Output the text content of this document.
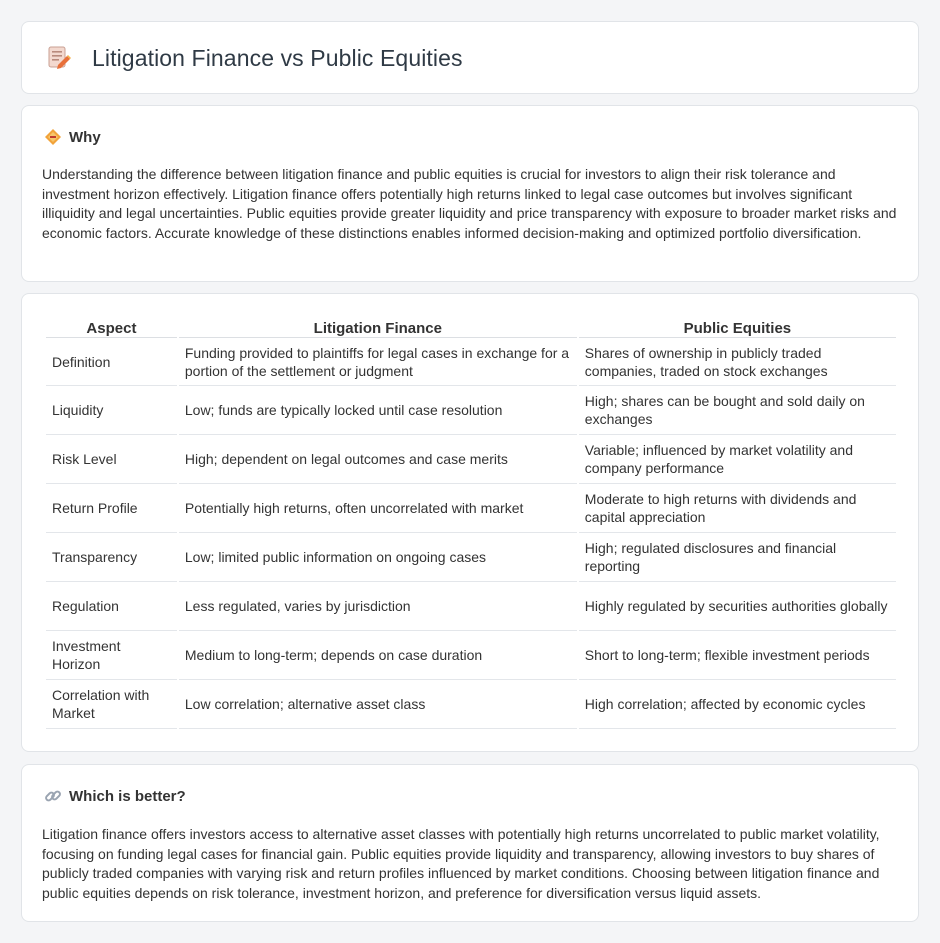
Litigation Finance vs Public Equities
Why

Understanding the difference between litigation finance and public equities is crucial for investors to align their risk tolerance and investment horizon effectively. Litigation finance offers potentially high returns linked to legal case outcomes but involves significant illiquidity and legal uncertainties. Public equities provide greater liquidity and price transparency with exposure to broader market risks and economic factors. Accurate knowledge of these distinctions enables informed decision-making and optimized portfolio diversification.

Aspect	Litigation Finance	Public Equities
Definition	Funding provided to plaintiffs for legal cases in exchange for a portion of the settlement or judgment	Shares of ownership in publicly traded companies, traded on stock exchanges
Liquidity	Low; funds are typically locked until case resolution	High; shares can be bought and sold daily on exchanges
Risk Level	High; dependent on legal outcomes and case merits	Variable; influenced by market volatility and company performance
Return Profile	Potentially high returns, often uncorrelated with market	Moderate to high returns with dividends and capital appreciation
Transparency	Low; limited public information on ongoing cases	High; regulated disclosures and financial reporting
Regulation	Less regulated, varies by jurisdiction	Highly regulated by securities authorities globally
Investment Horizon	Medium to long-term; depends on case duration	Short to long-term; flexible investment periods
Correlation with Market	Low correlation; alternative asset class	High correlation; affected by economic cycles
Which is better?

Litigation finance offers investors access to alternative asset classes with potentially high returns uncorrelated to public market volatility, focusing on funding legal cases for financial gain. Public equities provide liquidity and transparency, allowing investors to buy shares of publicly traded companies with varying risk and return profiles influenced by market conditions. Choosing between litigation finance and public equities depends on risk tolerance, investment horizon, and preference for diversification versus liquid assets.
